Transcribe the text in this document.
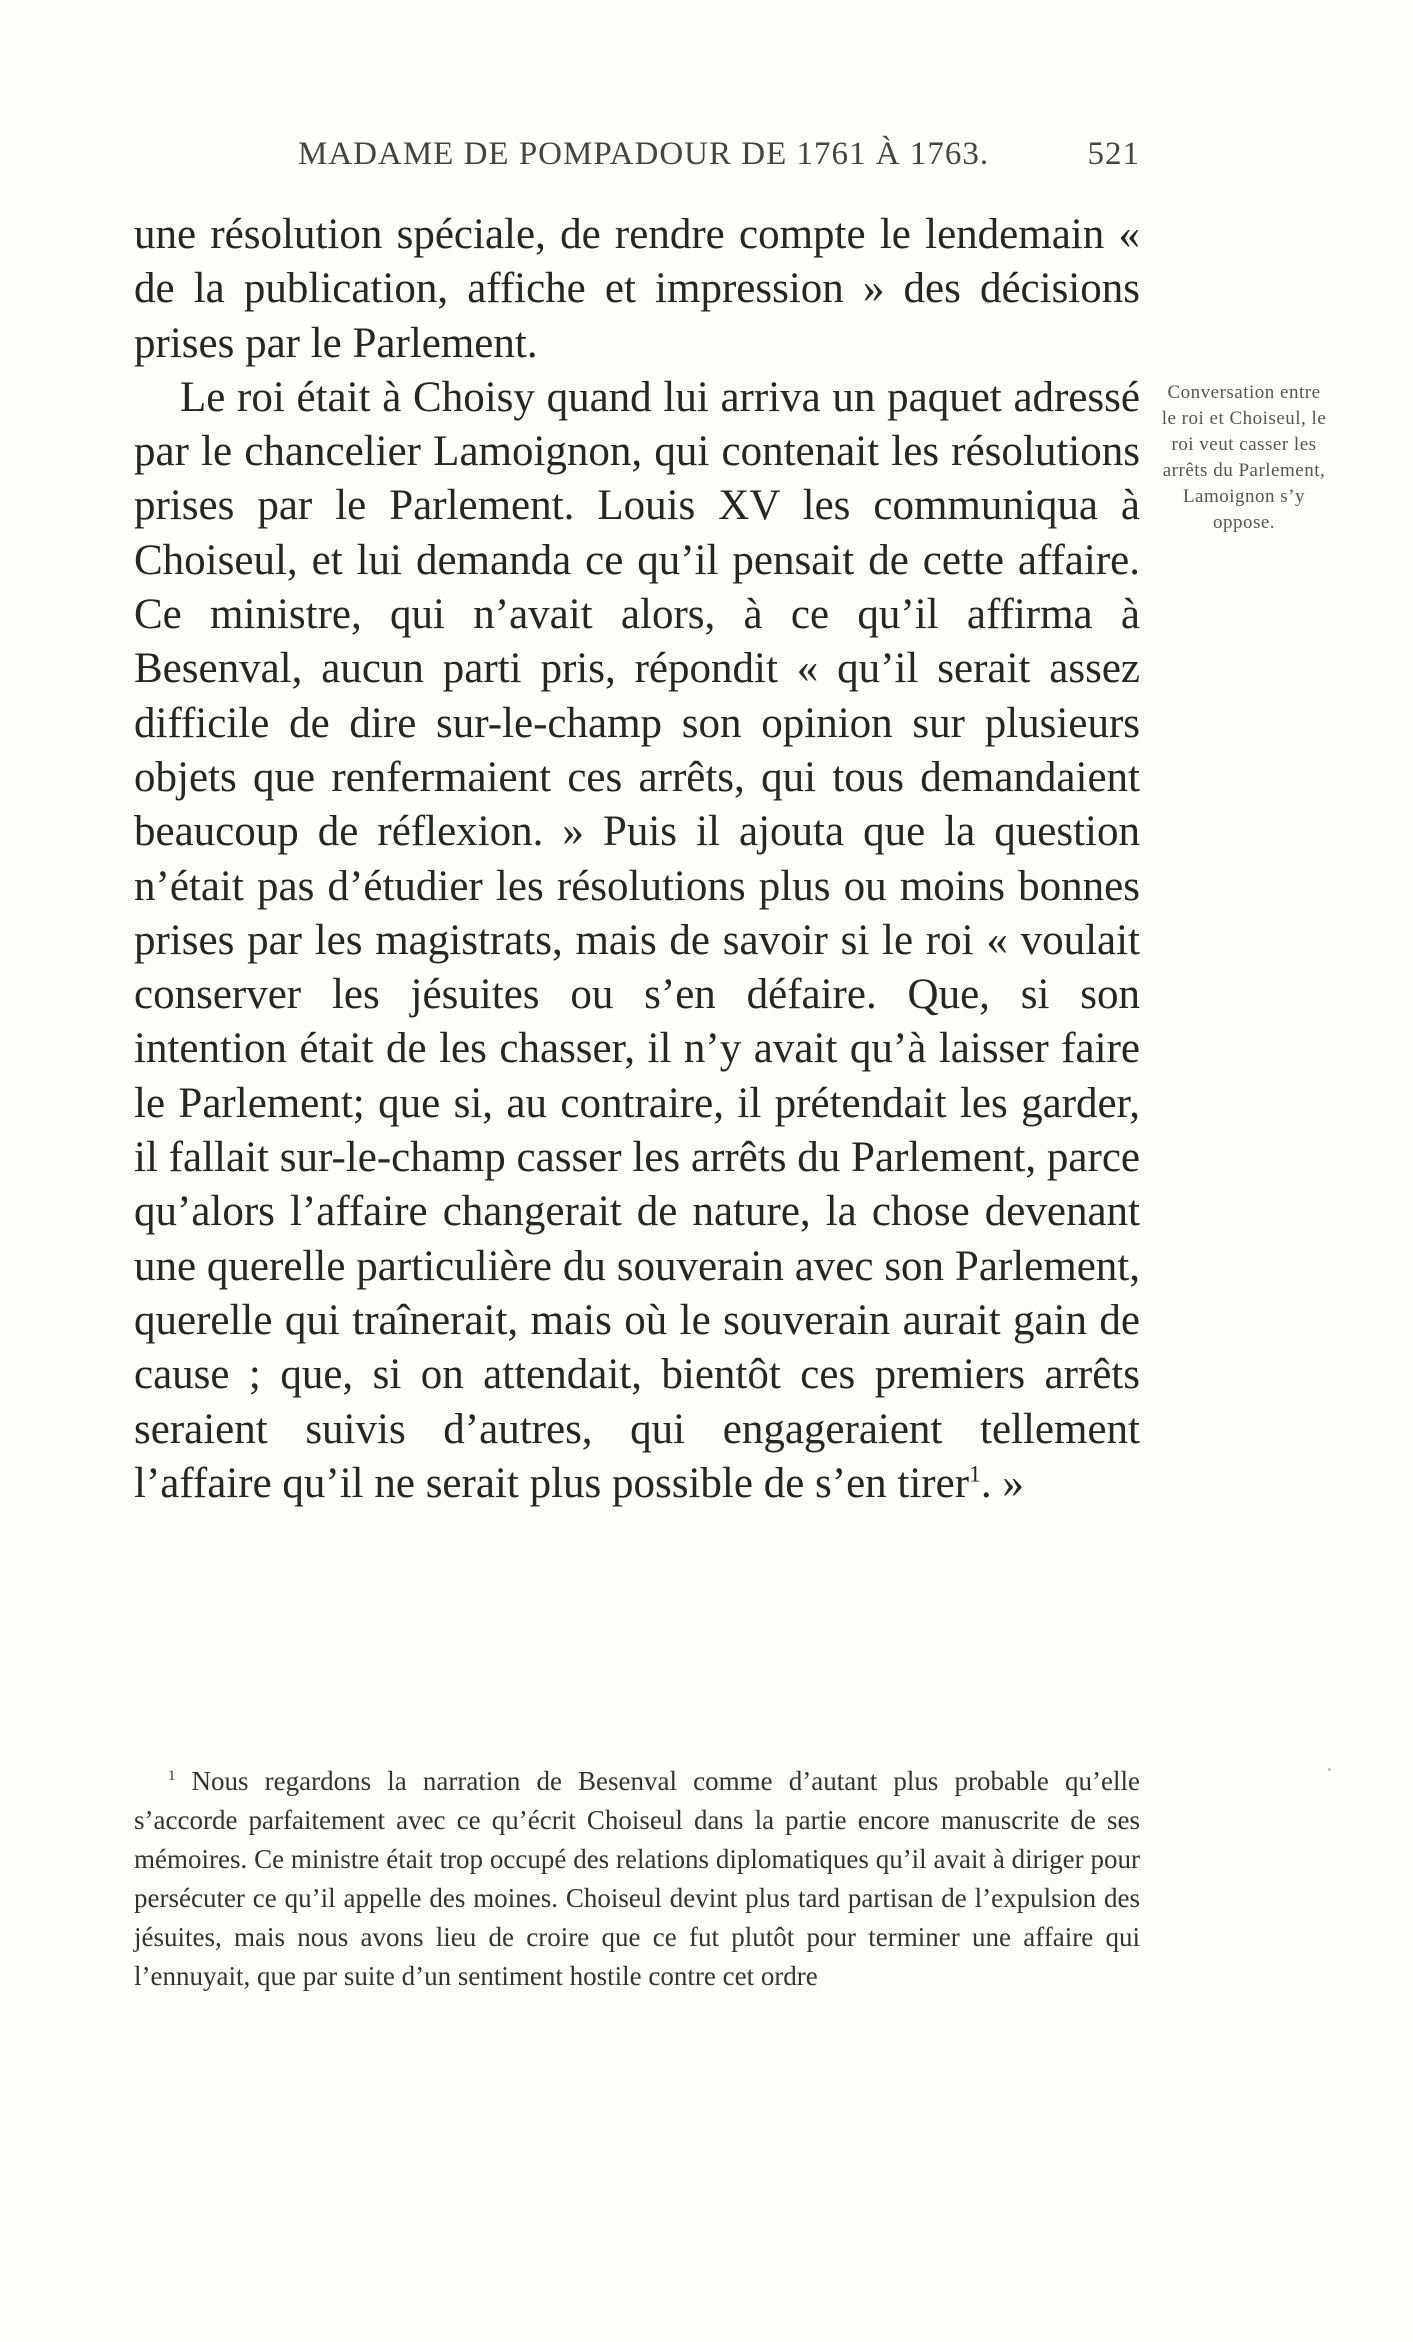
MADAME DE POMPADOUR DE 1761 À 1763.	521

une résolution spéciale, de rendre compte le lendemain « de la publication, affiche et impression » des décisions prises par le Parlement.

Le roi était à Choisy quand lui arriva un paquet adressé par le chancelier Lamoignon, qui contenait les résolutions prises par le Parlement. Louis XV les communiqua à Choiseul, et lui demanda ce qu’il pensait de cette affaire. Ce ministre, qui n’avait alors, à ce qu’il affirma à Besenval, aucun parti pris, répondit « qu’il serait assez difficile de dire sur-le-champ son opinion sur plusieurs objets que renfermaient ces arrêts, qui tous demandaient beaucoup de réflexion. » Puis il ajouta que la question n’était pas d’étudier les résolutions plus ou moins bonnes prises par les magistrats, mais de savoir si le roi « voulait conserver les jésuites ou s’en défaire. Que, si son intention était de les chasser, il n’y avait qu’à laisser faire le Parlement; que si, au contraire, il prétendait les garder, il fallait sur-le-champ casser les arrêts du Parlement, parce qu’alors l’affaire changerait de nature, la chose devenant une querelle particulière du souverain avec son Parlement, querelle qui traînerait, mais où le souverain aurait gain de cause ; que, si on attendait, bientôt ces premiers arrêts seraient suivis d’autres, qui engageraient tellement l’affaire qu’il ne serait plus possible de s’en tirer$^1$. »

Conversation entre le roi et Choiseul, le roi veut casser les arrêts du Parlement, Lamoignon s’y oppose.

$^1$ Nous regardons la narration de Besenval comme d’autant plus probable qu’elle s’accorde parfaitement avec ce qu’écrit Choiseul dans la partie encore manuscrite de ses mémoires. Ce ministre était trop occupé des relations diplomatiques qu’il avait à diriger pour persécuter ce qu’il appelle des moines. Choiseul devint plus tard partisan de l’expulsion des jésuites, mais nous avons lieu de croire que ce fut plutôt pour terminer une affaire qui l’ennuyait, que par suite d’un sentiment hostile contre cet ordre
